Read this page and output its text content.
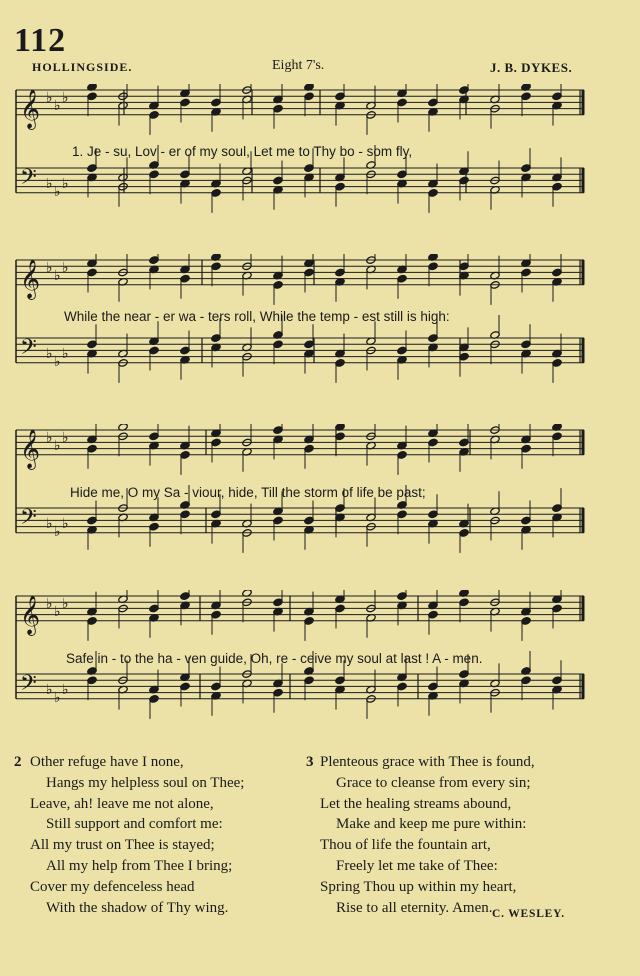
112
HOLLINGSIDE.	Eight 7's.	J. B. DYKES.
𝄞 ♭ ♭ ♭
𝄢 ♭ ♭ ♭
1. Je - su, Lov - er of my soul, Let me to Thy bo - som fly,
𝄞 ♭ ♭ ♭
𝄢 ♭ ♭ ♭
While the near - er wa - ters roll, While the temp - est still is high:
𝄞 ♭ ♭ ♭
𝄢 ♭ ♭ ♭
Hide me, O my Sa - viour, hide, Till the storm of life be past;
𝄞 ♭ ♭ ♭
𝄢 ♭ ♭ ♭
Safe in - to the ha - ven guide, Oh, re - ceive my soul at last ! A - men.
2 Other refuge have I none,
Hangs my helpless soul on Thee;
Leave, ah! leave me not alone,
Still support and comfort me:
All my trust on Thee is stayed;
All my help from Thee I bring;
Cover my defenceless head
With the shadow of Thy wing.
3 Plenteous grace with Thee is found,
Grace to cleanse from every sin;
Let the healing streams abound,
Make and keep me pure within:
Thou of life the fountain art,
Freely let me take of Thee:
Spring Thou up within my heart,
Rise to all eternity. Amen. C. WESLEY.
